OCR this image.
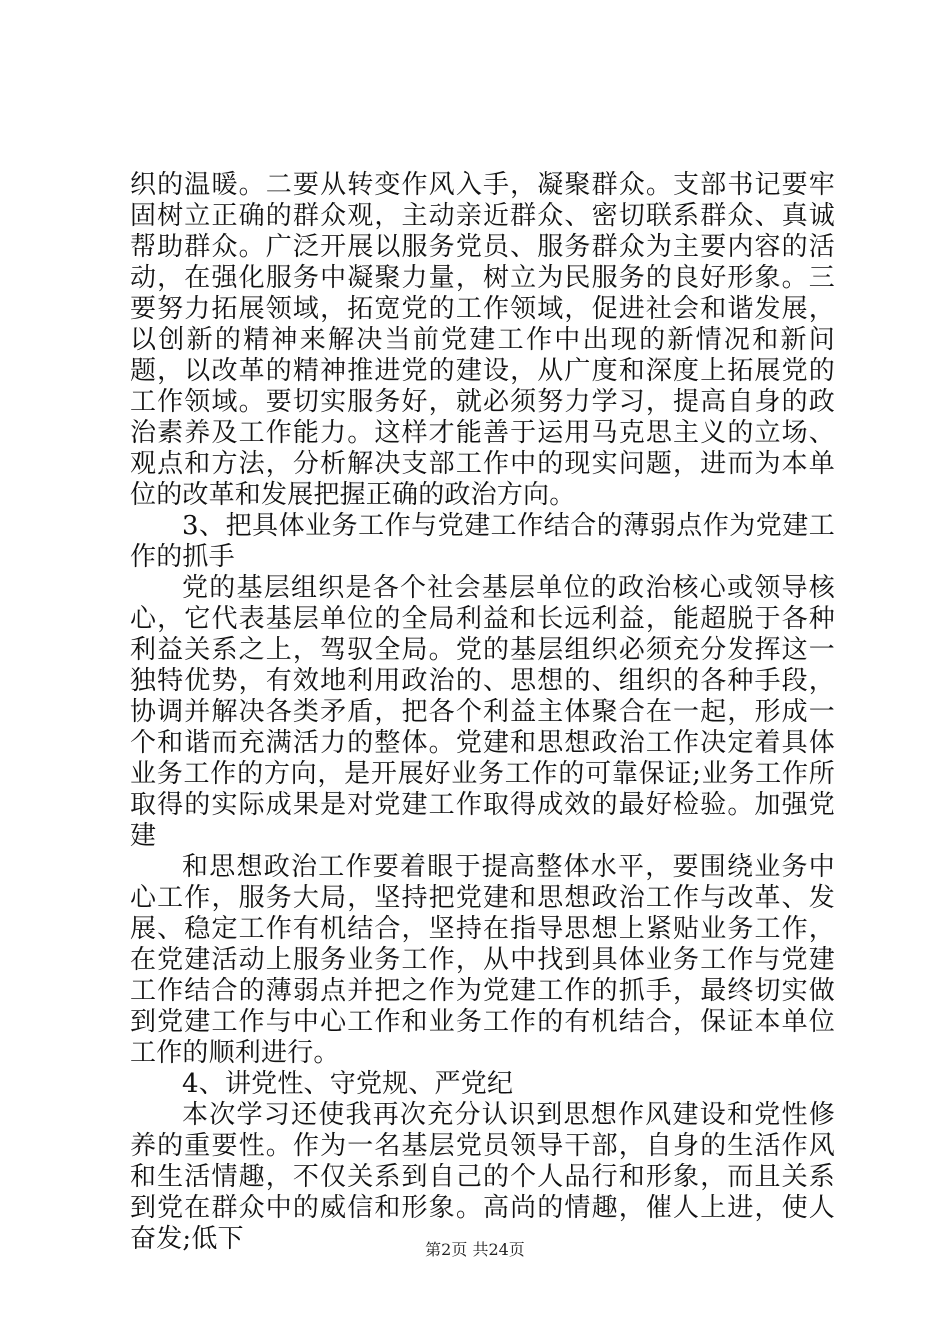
织的温暖。二要从转变作风入手，凝聚群众。支部书记要牢固树立正确的群众观，主动亲近群众、密切联系群众、真诚帮助群众。广泛开展以服务党员、服务群众为主要内容的活动，在强化服务中凝聚力量，树立为民服务的良好形象。三要努力拓展领域，拓宽党的工作领域，促进社会和谐发展，以创新的精神来解决当前党建工作中出现的新情况和新问题，以改革的精神推进党的建设，从广度和深度上拓展党的工作领域。要切实服务好，就必须努力学习，提高自身的政治素养及工作能力。这样才能善于运用马克思主义的立场、观点和方法，分析解决支部工作中的现实问题，进而为本单位的改革和发展把握正确的政治方向。

3、把具体业务工作与党建工作结合的薄弱点作为党建工作的抓手

党的基层组织是各个社会基层单位的政治核心或领导核心，它代表基层单位的全局利益和长远利益，能超脱于各种利益关系之上，驾驭全局。党的基层组织必须充分发挥这一独特优势，有效地利用政治的、思想的、组织的各种手段，协调并解决各类矛盾，把各个利益主体聚合在一起，形成一个和谐而充满活力的整体。党建和思想政治工作决定着具体业务工作的方向，是开展好业务工作的可靠保证;业务工作所取得的实际成果是对党建工作取得成效的最好检验。加强党建

和思想政治工作要着眼于提高整体水平，要围绕业务中心工作，服务大局，坚持把党建和思想政治工作与改革、发展、稳定工作有机结合，坚持在指导思想上紧贴业务工作，在党建活动上服务业务工作，从中找到具体业务工作与党建工作结合的薄弱点并把之作为党建工作的抓手，最终切实做到党建工作与中心工作和业务工作的有机结合，保证本单位工作的顺利进行。

4、讲党性、守党规、严党纪

本次学习还使我再次充分认识到思想作风建设和党性修养的重要性。作为一名基层党员领导干部，自身的生活作风和生活情趣，不仅关系到自己的个人品行和形象，而且关系到党在群众中的威信和形象。高尚的情趣，催人上进，使人奋发;低下	第2页 共24页
